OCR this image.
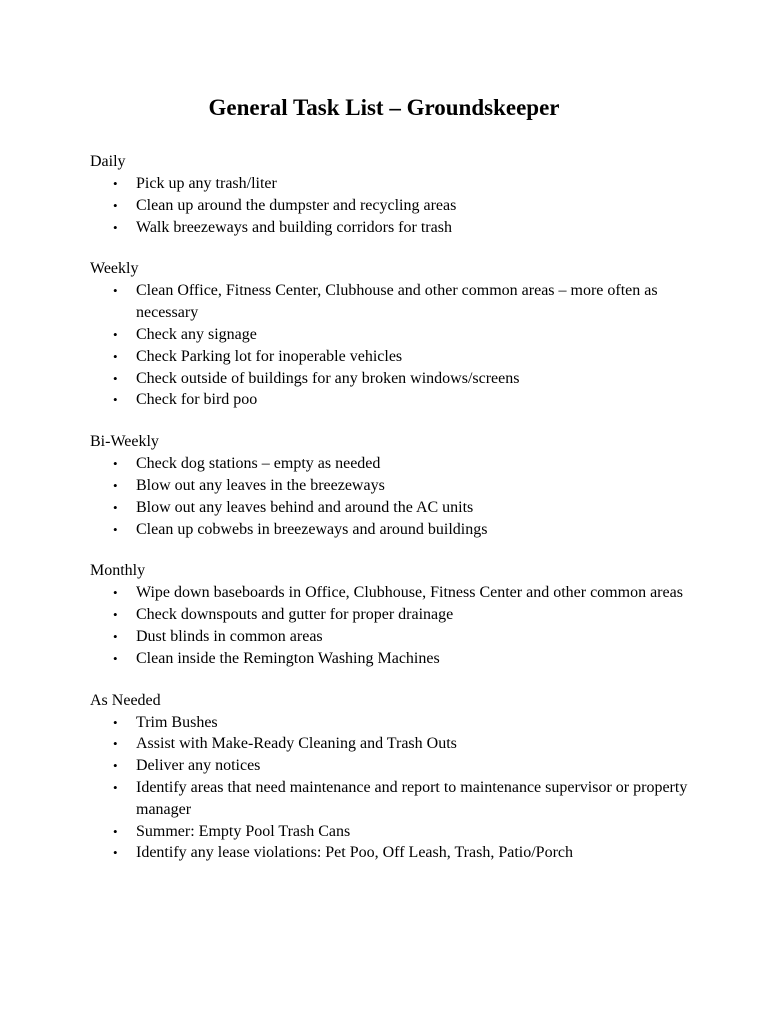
General Task List – Groundskeeper
Daily
• Pick up any trash/liter
• Clean up around the dumpster and recycling areas
• Walk breezeways and building corridors for trash
Weekly
• Clean Office, Fitness Center, Clubhouse and other common areas – more often as necessary
• Check any signage
• Check Parking lot for inoperable vehicles
• Check outside of buildings for any broken windows/screens
• Check for bird poo
Bi-Weekly
• Check dog stations – empty as needed
• Blow out any leaves in the breezeways
• Blow out any leaves behind and around the AC units
• Clean up cobwebs in breezeways and around buildings
Monthly
• Wipe down baseboards in Office, Clubhouse, Fitness Center and other common areas
• Check downspouts and gutter for proper drainage
• Dust blinds in common areas
• Clean inside the Remington Washing Machines
As Needed
• Trim Bushes
• Assist with Make-Ready Cleaning and Trash Outs
• Deliver any notices
• Identify areas that need maintenance and report to maintenance supervisor or property manager
• Summer: Empty Pool Trash Cans
• Identify any lease violations: Pet Poo, Off Leash, Trash, Patio/Porch
